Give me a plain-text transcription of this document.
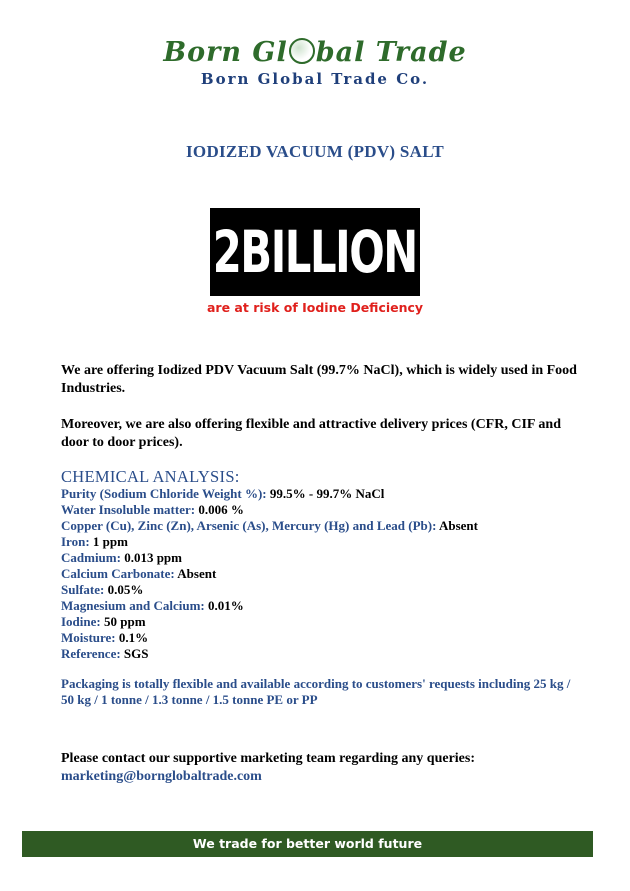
Born Gl bal Trade
Born Global Trade Co.
IODIZED VACUUM (PDV) SALT
2BILLION
are at risk of Iodine Deficiency

We are offering Iodized PDV Vacuum Salt (99.7% NaCl), which is widely used in Food Industries.

Moreover, we are also offering flexible and attractive delivery prices (CFR, CIF and door to door prices).

CHEMICAL ANALYSIS:
Purity (Sodium Chloride Weight %): 99.5% - 99.7% NaCl
Water Insoluble matter: 0.006 %
Copper (Cu), Zinc (Zn), Arsenic (As), Mercury (Hg) and Lead (Pb): Absent
Iron: 1 ppm
Cadmium: 0.013 ppm
Calcium Carbonate: Absent
Sulfate: 0.05%
Magnesium and Calcium: 0.01%
Iodine: 50 ppm
Moisture: 0.1%
Reference: SGS

Packaging is totally flexible and available according to customers' requests including 25 kg / 50 kg / 1 tonne / 1.3 tonne / 1.5 tonne PE or PP

Please contact our supportive marketing team regarding any queries:

marketing@bornglobaltrade.com

We trade for better world future
